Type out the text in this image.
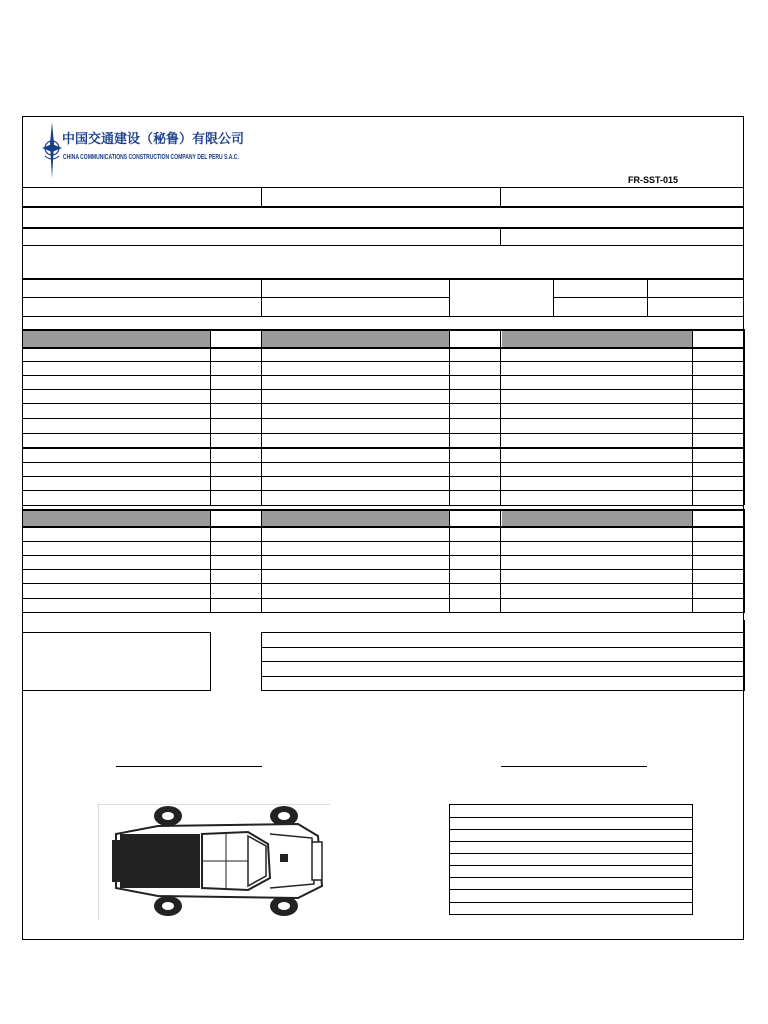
中国交通建设（秘鲁）有限公司
CHINA COMMUNICATIONS CONSTRUCTION COMPANY DEL PERU S.A.C.
FR-SST-015
